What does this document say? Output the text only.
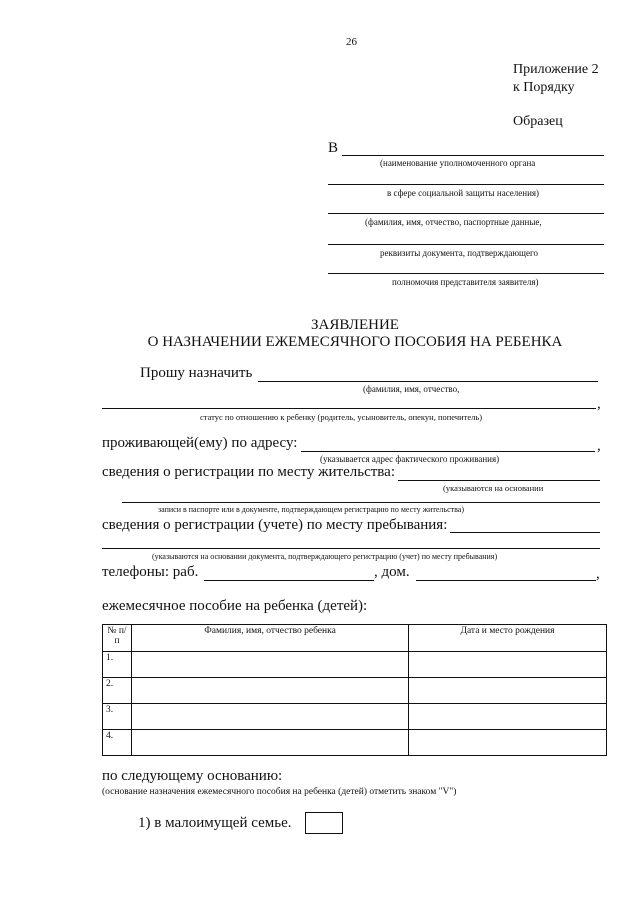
26
Приложение 2
к Порядку
Образец
В
(наименование уполномоченного органа
в сфере социальной защиты населения)
(фамилия, имя, отчество, паспортные данные,
реквизиты документа, подтверждающего
полномочия представителя заявителя)
ЗАЯВЛЕНИЕ
О НАЗНАЧЕНИИ ЕЖЕМЕСЯЧНОГО ПОСОБИЯ НА РЕБЕНКА
Прошу назначить
(фамилия, имя, отчество,
,
статус по отношению к ребенку (родитель, усыновитель, опекун, попечитель)
проживающей(ему) по адресу:	,
(указывается адрес фактического проживания)
сведения о регистрации по месту жительства:
(указываются на основании
записи в паспорте или в документе, подтверждающем регистрацию по месту жительства)
сведения о регистрации (учете) по месту пребывания:
(указываются на основании документа, подтверждающего регистрацию (учет) по месту пребывания)
телефоны: раб.	, дом.	,
ежемесячное пособие на ребенка (детей):
№ п/п	Фамилия, имя, отчество ребенка	Дата и место рождения
1.		
2.		
3.		
4.		
по следующему основанию:
(основание назначения ежемесячного пособия на ребенка (детей) отметить знаком "V")
1) в малоимущей семье.
